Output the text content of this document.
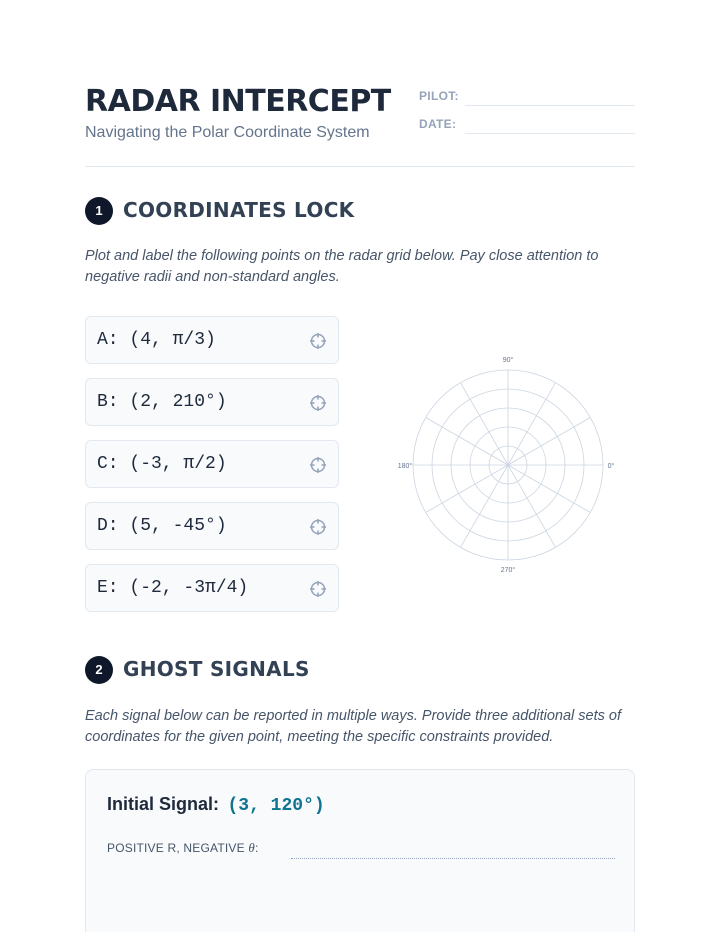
RADAR INTERCEPT
Navigating the Polar Coordinate System
PILOT:
DATE:
1	COORDINATES LOCK
Plot and label the following points on the radar grid below. Pay close attention to negative radii and non-standard angles.
A: (4, π/3)
B: (2, 210°)
C: (-3, π/2)
D: (5, -45°)
E: (-2, -3π/4)
90°
180°	0°
270°
2	GHOST SIGNALS
Each signal below can be reported in multiple ways. Provide three additional sets of coordinates for the given point, meeting the specific constraints provided.
Initial Signal: (3, 120°)
POSITIVE R, NEGATIVE θ:
